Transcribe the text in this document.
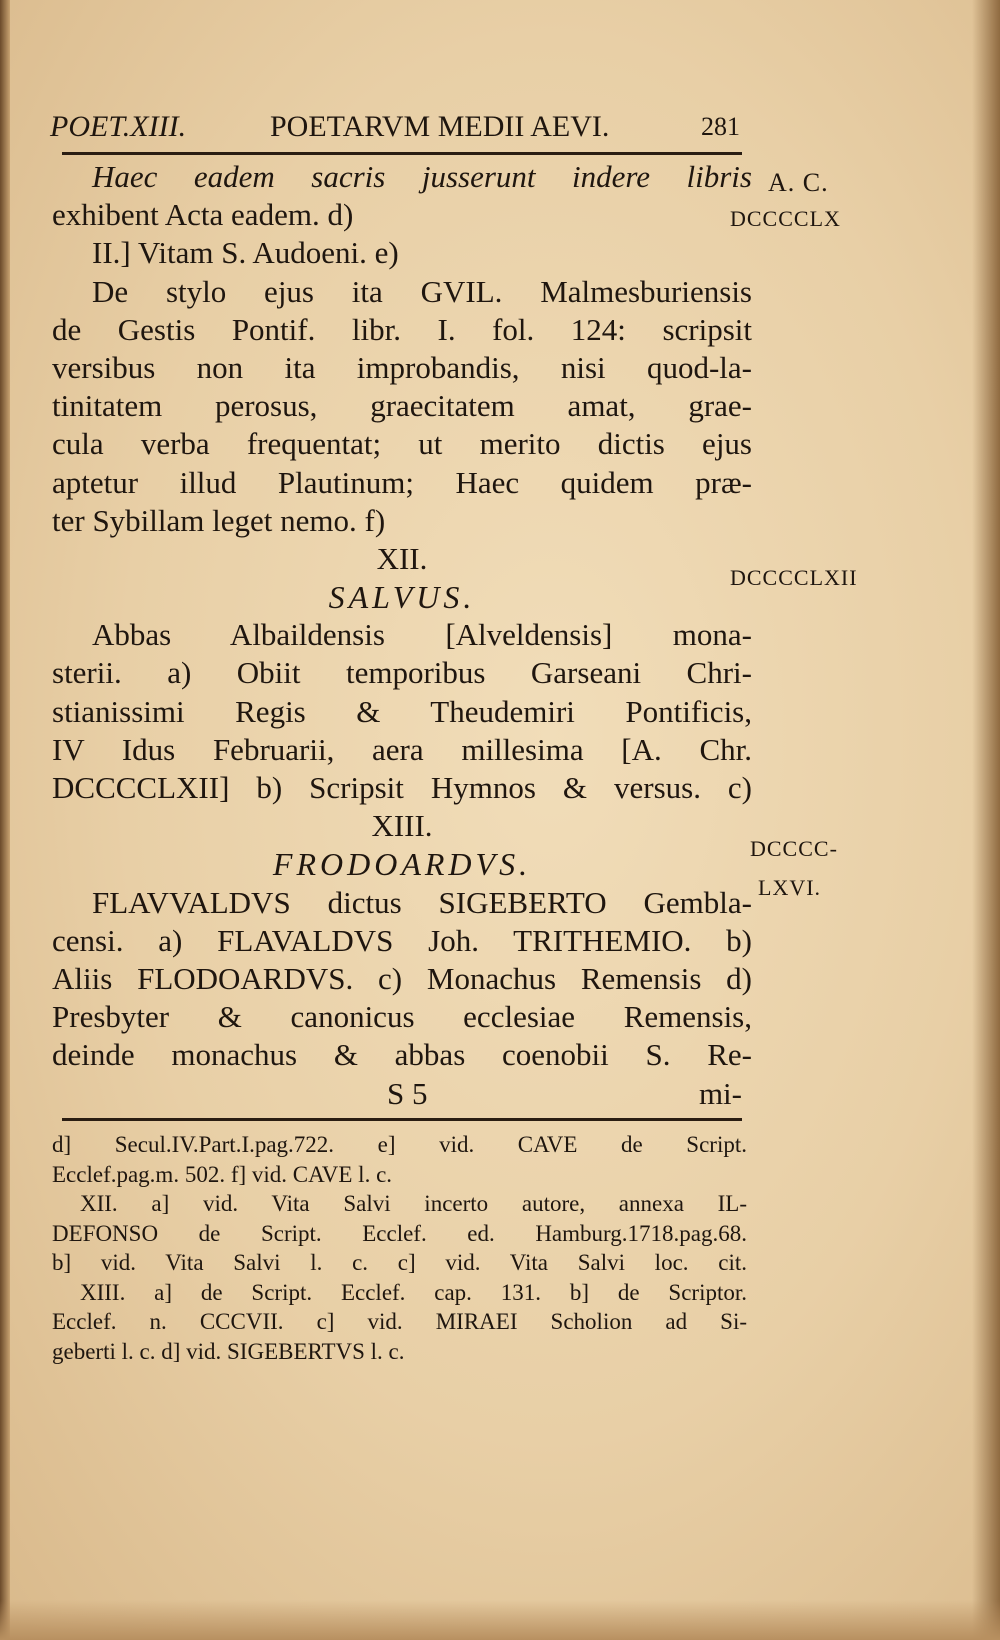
POET.XIII.	POETARVM MEDII AEVI.	281
A. C.
DCCCCLX
DCCCCLXII
DCCCC-
LXVI.
Haec eadem sacris jusserunt indere libris
exhibent Acta eadem. d)
II.] Vitam S. Audoeni. e)
De stylo ejus ita GVIL. Malmesburiensis
de Gestis Pontif. libr. I. fol. 124: scripsit
versibus non ita improbandis, nisi quod-la-
tinitatem perosus, graecitatem amat, grae-
cula verba frequentat; ut merito dictis ejus
aptetur illud Plautinum; Haec quidem præ-
ter Sybillam leget nemo. f)
XII.
SALVUS.
Abbas Albaildensis [Alveldensis] mona-
sterii. a) Obiit temporibus Garseani Chri-
stianissimi Regis & Theudemiri Pontificis,
IV Idus Februarii, aera millesima [A. Chr.
DCCCCLXII] b) Scripsit Hymnos & versus. c)
XIII.
FRODOARDVS.
FLAVVALDVS dictus SIGEBERTO Gembla-
censi. a) FLAVALDVS Joh. TRITHEMIO. b)
Aliis FLODOARDVS. c) Monachus Remensis d)
Presbyter & canonicus ecclesiae Remensis,
deinde monachus & abbas coenobii S. Re-
S 5	mi-
d] Secul.IV.Part.I.pag.722. e] vid. CAVE de Script.
Ecclef.pag.m. 502. f] vid. CAVE l. c.
XII. a] vid. Vita Salvi incerto autore, annexa IL-
DEFONSO de Script. Ecclef. ed. Hamburg.1718.pag.68.
b] vid. Vita Salvi l. c. c] vid. Vita Salvi loc. cit.
XIII. a] de Script. Ecclef. cap. 131. b] de Scriptor.
Ecclef. n. CCCVII. c] vid. MIRAEI Scholion ad Si-
geberti l. c. d] vid. SIGEBERTVS l. c.
